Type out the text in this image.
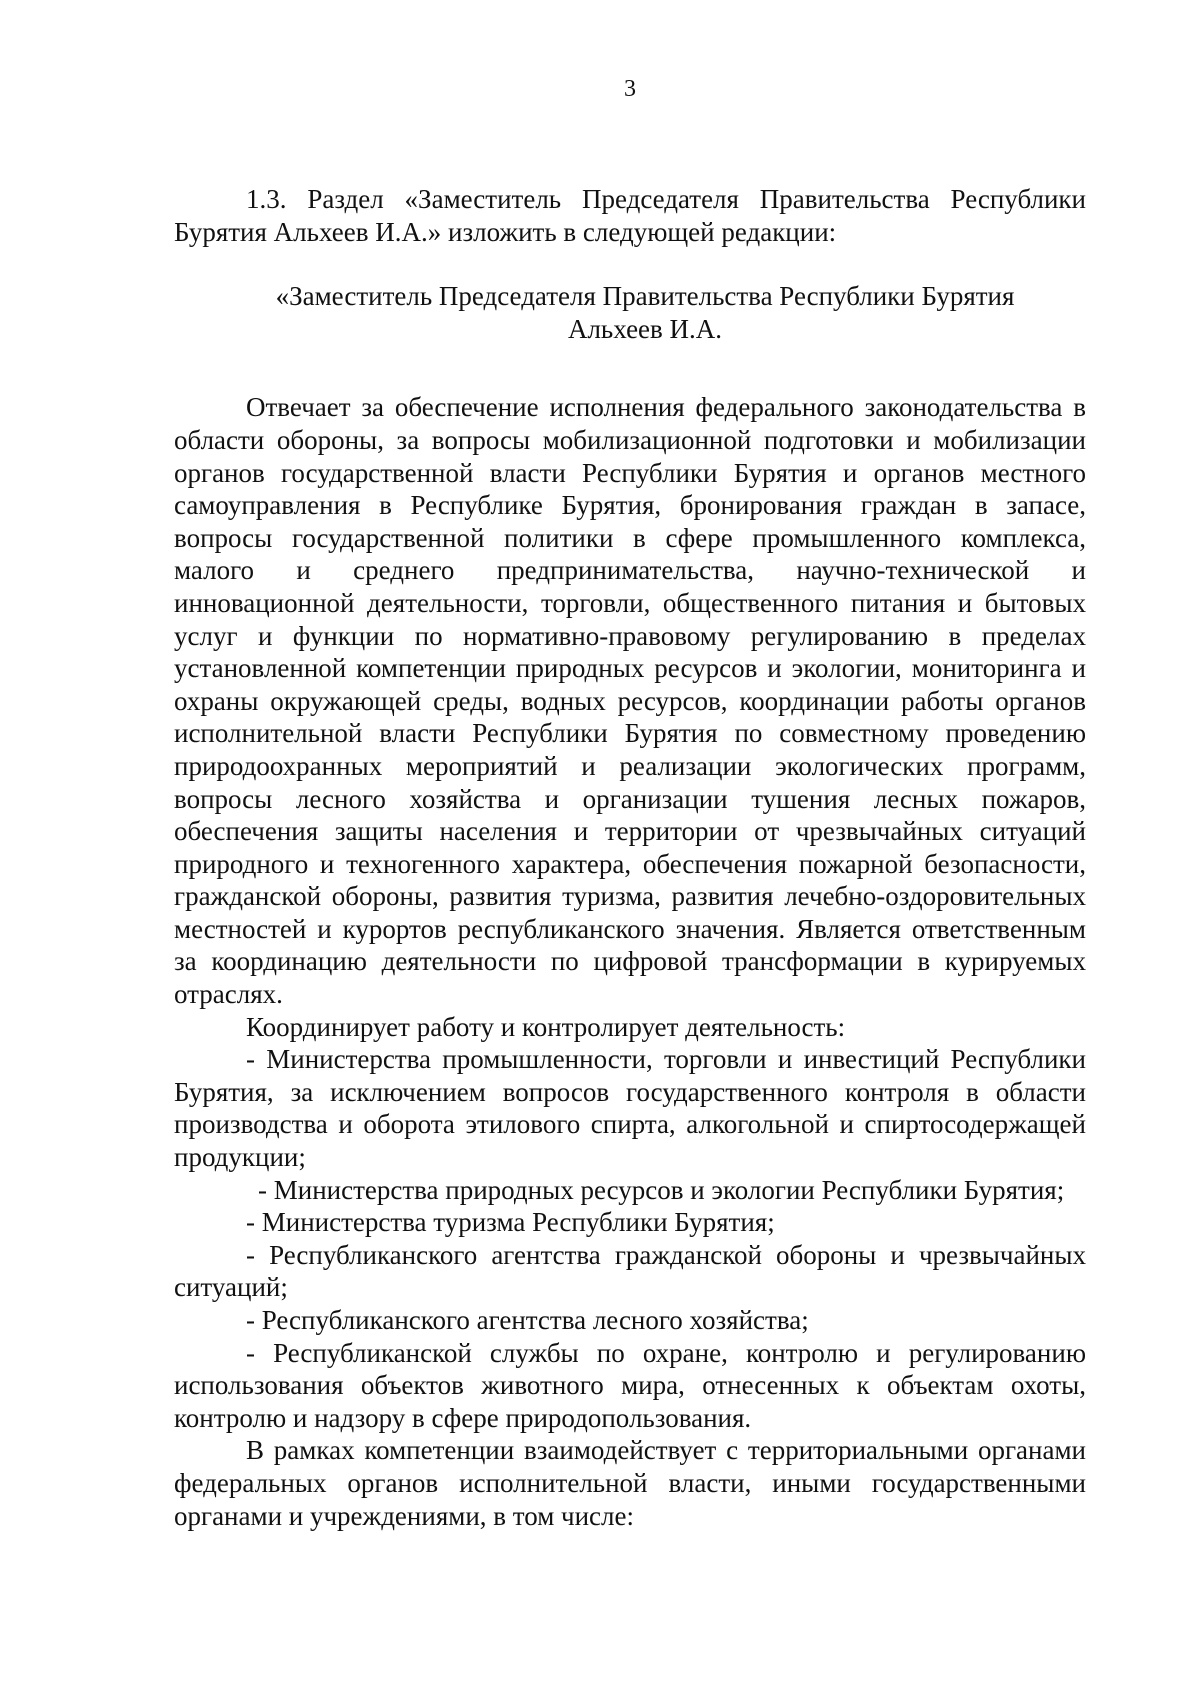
3

1.3. Раздел «Заместитель Председателя Правительства Республики Бурятия Альхеев И.А.» изложить в следующей редакции:

«Заместитель Председателя Правительства Республики Бурятия
Альхеев И.А.

Отвечает за обеспечение исполнения федерального законодательства в области обороны, за вопросы мобилизационной подготовки и мобилизации органов государственной власти Республики Бурятия и органов местного самоуправления в Республике Бурятия, бронирования граждан в запасе, вопросы государственной политики в сфере промышленного комплекса, малого и среднего предпринимательства, научно-технической и инновационной деятельности, торговли, общественного питания и бытовых услуг и функции по нормативно-правовому регулированию в пределах установленной компетенции природных ресурсов и экологии, мониторинга и охраны окружающей среды, водных ресурсов, координации работы органов исполнительной власти Республики Бурятия по совместному проведению природоохранных мероприятий и реализации экологических программ, вопросы лесного хозяйства и организации тушения лесных пожаров, обеспечения защиты населения и территории от чрезвычайных ситуаций природного и техногенного характера, обеспечения пожарной безопасности, гражданской обороны, развития туризма, развития лечебно-оздоровительных местностей и курортов республиканского значения. Является ответственным за координацию деятельности по цифровой трансформации в курируемых отраслях.

Координирует работу и контролирует деятельность:

- Министерства промышленности, торговли и инвестиций Республики Бурятия, за исключением вопросов государственного контроля в области производства и оборота этилового спирта, алкогольной и спиртосодержащей продукции;

- Министерства природных ресурсов и экологии Республики Бурятия;

- Министерства туризма Республики Бурятия;

- Республиканского агентства гражданской обороны и чрезвычайных ситуаций;

- Республиканского агентства лесного хозяйства;

- Республиканской службы по охране, контролю и регулированию использования объектов животного мира, отнесенных к объектам охоты, контролю и надзору в сфере природопользования.

В рамках компетенции взаимодействует с территориальными органами федеральных органов исполнительной власти, иными государственными органами и учреждениями, в том числе:
